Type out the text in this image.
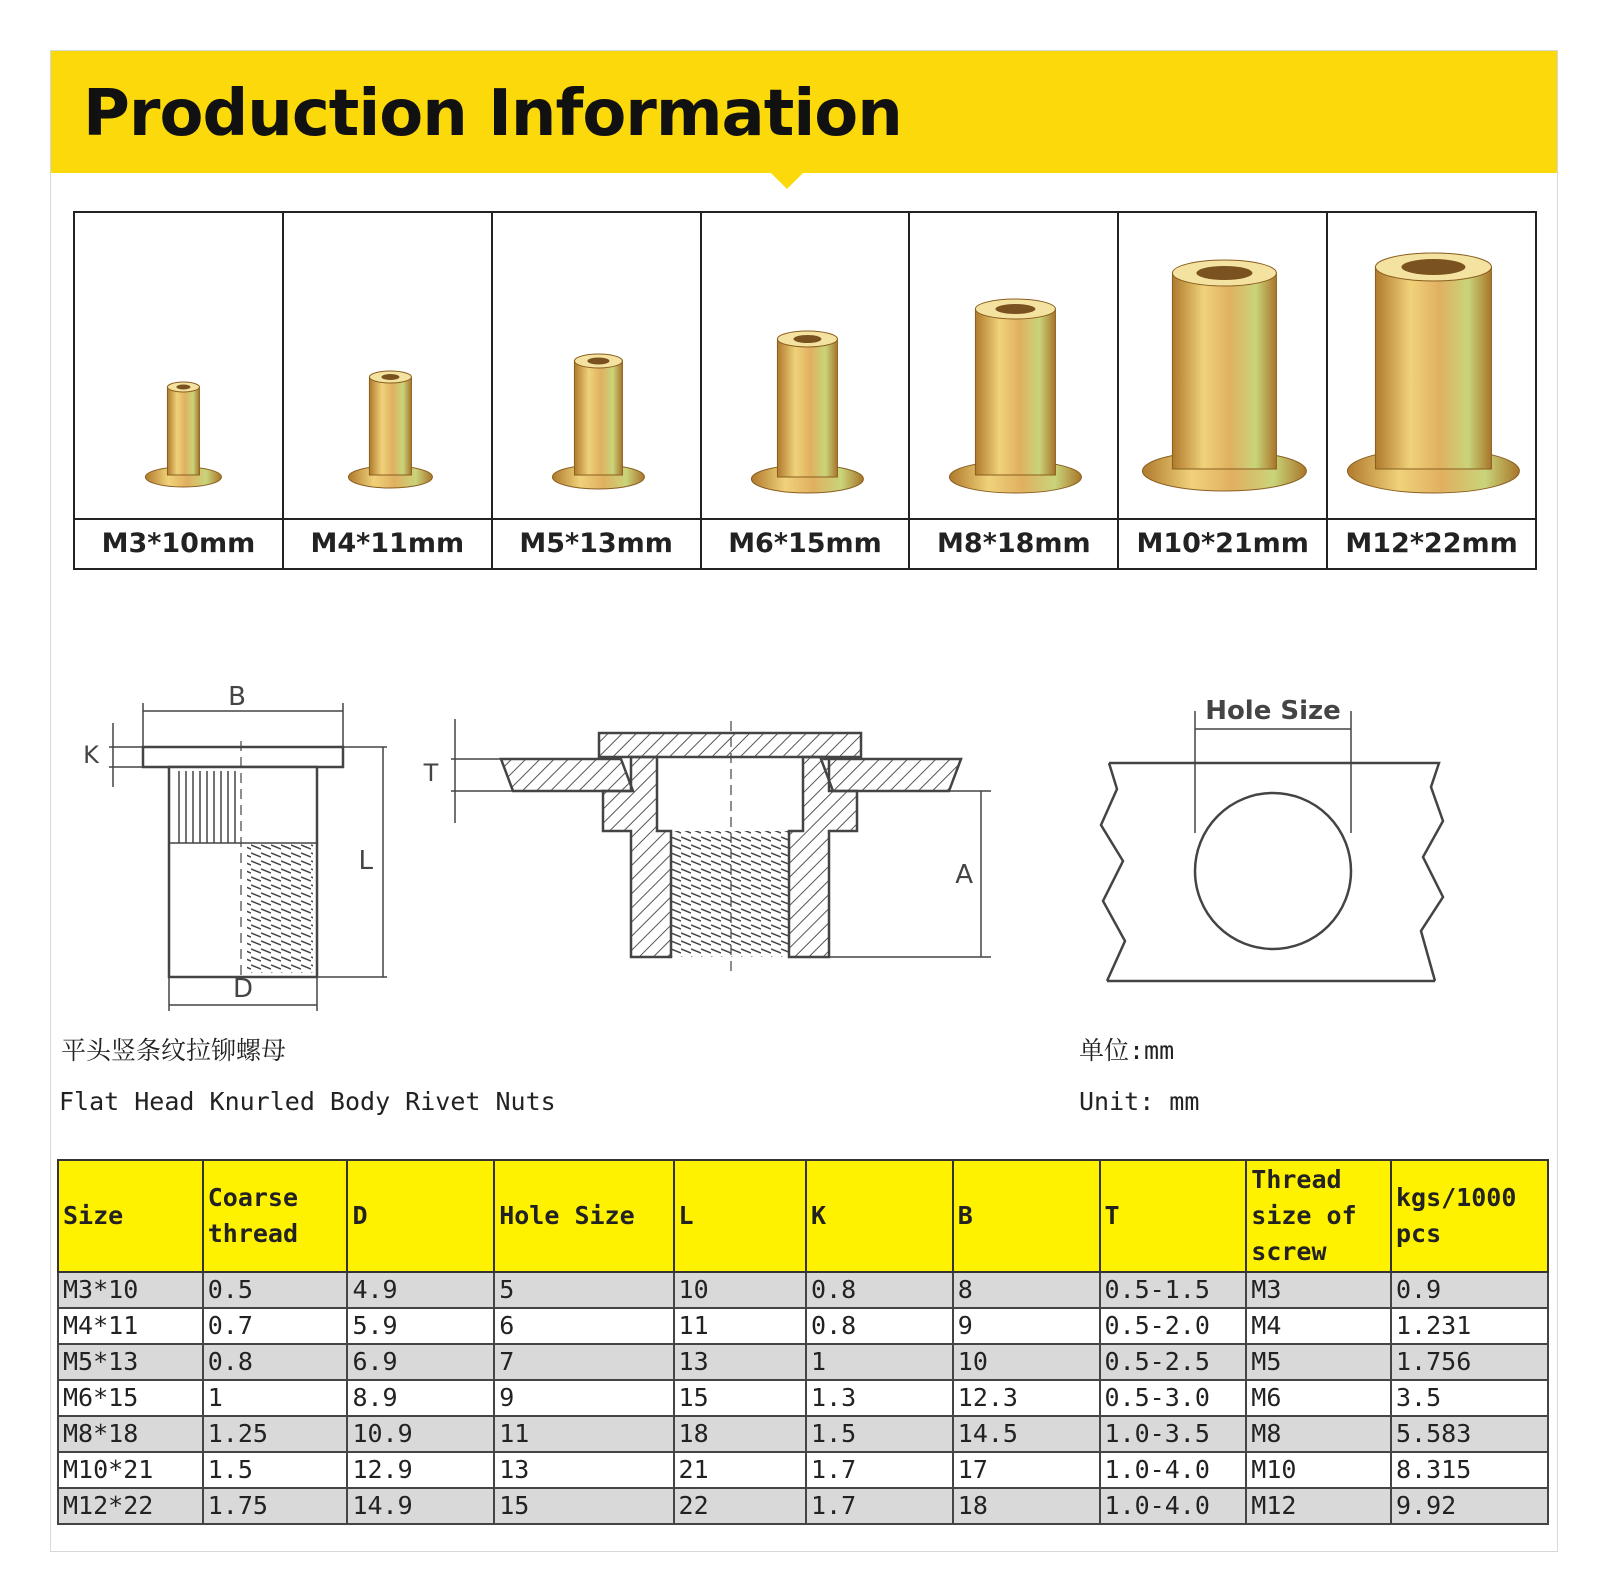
Production Information
M3*10mm	M4*11mm	M5*13mm	M6*15mm	M8*18mm	M10*21mm	M12*22mm
B
K
L
D
T
A
Hole Size
平头竖条纹拉铆螺母	单位:mm
Flat Head Knurled Body Rivet Nuts	Unit: mm
Size	Coarse thread	D	Hole Size	L	K	B	T	Thread size of screw	kgs/1000 pcs
M3*10	0.5	4.9	5	10	0.8	8	0.5-1.5	M3	0.9
M4*11	0.7	5.9	6	11	0.8	9	0.5-2.0	M4	1.231
M5*13	0.8	6.9	7	13	1	10	0.5-2.5	M5	1.756
M6*15	1	8.9	9	15	1.3	12.3	0.5-3.0	M6	3.5
M8*18	1.25	10.9	11	18	1.5	14.5	1.0-3.5	M8	5.583
M10*21	1.5	12.9	13	21	1.7	17	1.0-4.0	M10	8.315
M12*22	1.75	14.9	15	22	1.7	18	1.0-4.0	M12	9.92
